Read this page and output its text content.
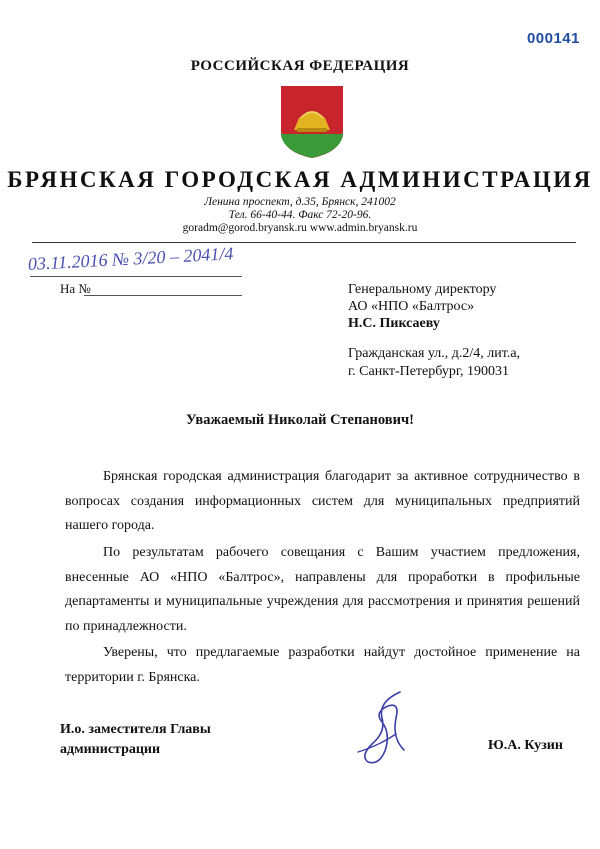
000141
РОССИЙСКАЯ ФЕДЕРАЦИЯ
БРЯНСКАЯ ГОРОДСКАЯ АДМИНИСТРАЦИЯ
Ленина проспект, д.35, Брянск, 241002
Тел. 66-40-44. Факс 72-20-96.
goradm@gorod.bryansk.ru www.admin.bryansk.ru
03.11.2016 № 3/20 – 2041/4
На №	Генеральному директору
АО «НПО «Балтрос»
Н.С. Пиксаеву
Гражданская ул., д.2/4, лит.а,
г. Санкт-Петербург, 190031
Уважаемый Николай Степанович!
Брянская городская администрация благодарит за активное сотрудничество в вопросах создания информационных систем для муниципальных предприятий нашего города.
По результатам рабочего совещания с Вашим участием предложения, внесенные АО «НПО «Балтрос», направлены для проработки в профильные департаменты и муниципальные учреждения для рассмотрения и принятия решений по принадлежности.
Уверены, что предлагаемые разработки найдут достойное применение на территории г. Брянска.
И.о. заместителя Главы
администрации	Ю.А. Кузин
